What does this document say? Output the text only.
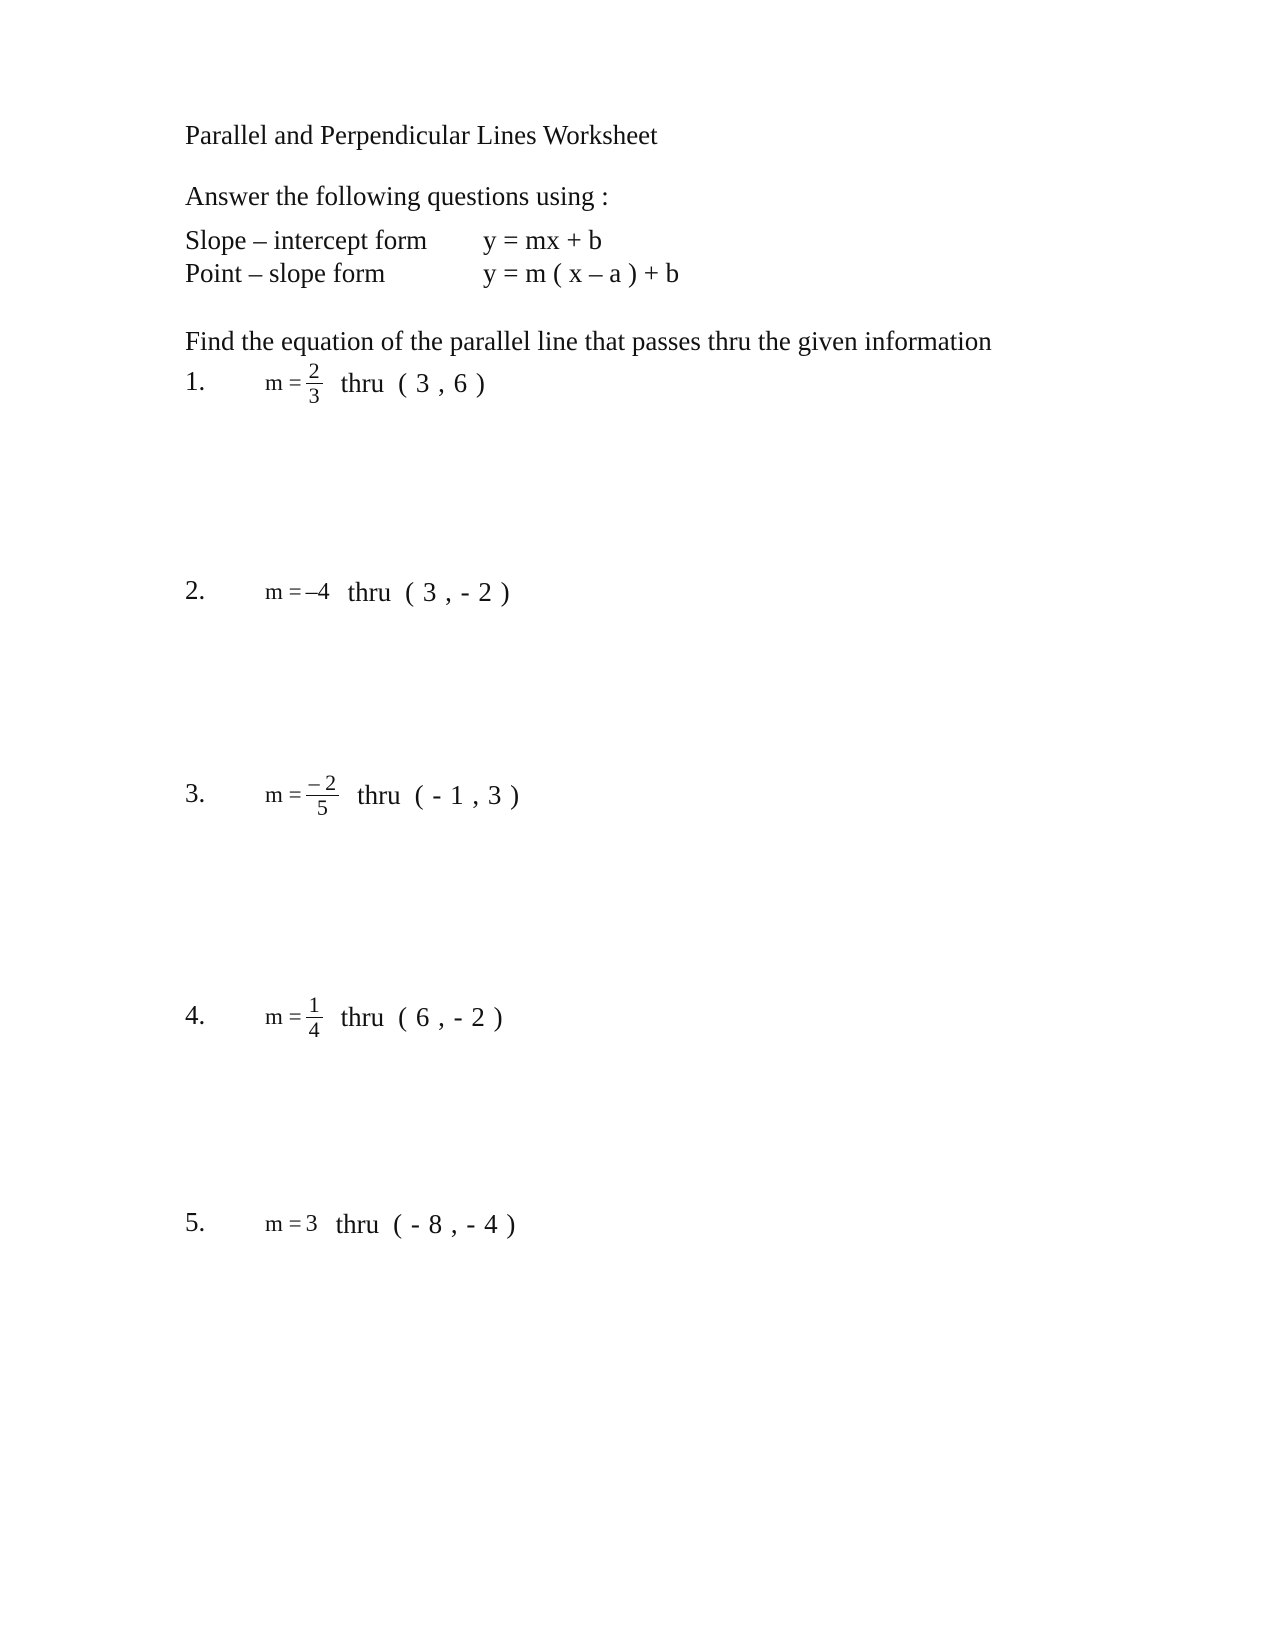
Parallel and Perpendicular Lines Worksheet
Answer the following questions using :
Slope – intercept form y = mx + b
Point – slope form	y = m ( x – a ) + b
Find the equation of the parallel line that passes thru the given information
1.	$m = \frac{2}{3}$ thru ( 3 , 6 )
2.	m = –4 thru ( 3 , - 2 )
3.	$m = \frac{- 2}{5}$ thru ( - 1 , 3 )
4.	$m = \frac{1}{4}$ thru ( 6 , - 2 )
5.	m = 3 thru ( - 8 , - 4 )
